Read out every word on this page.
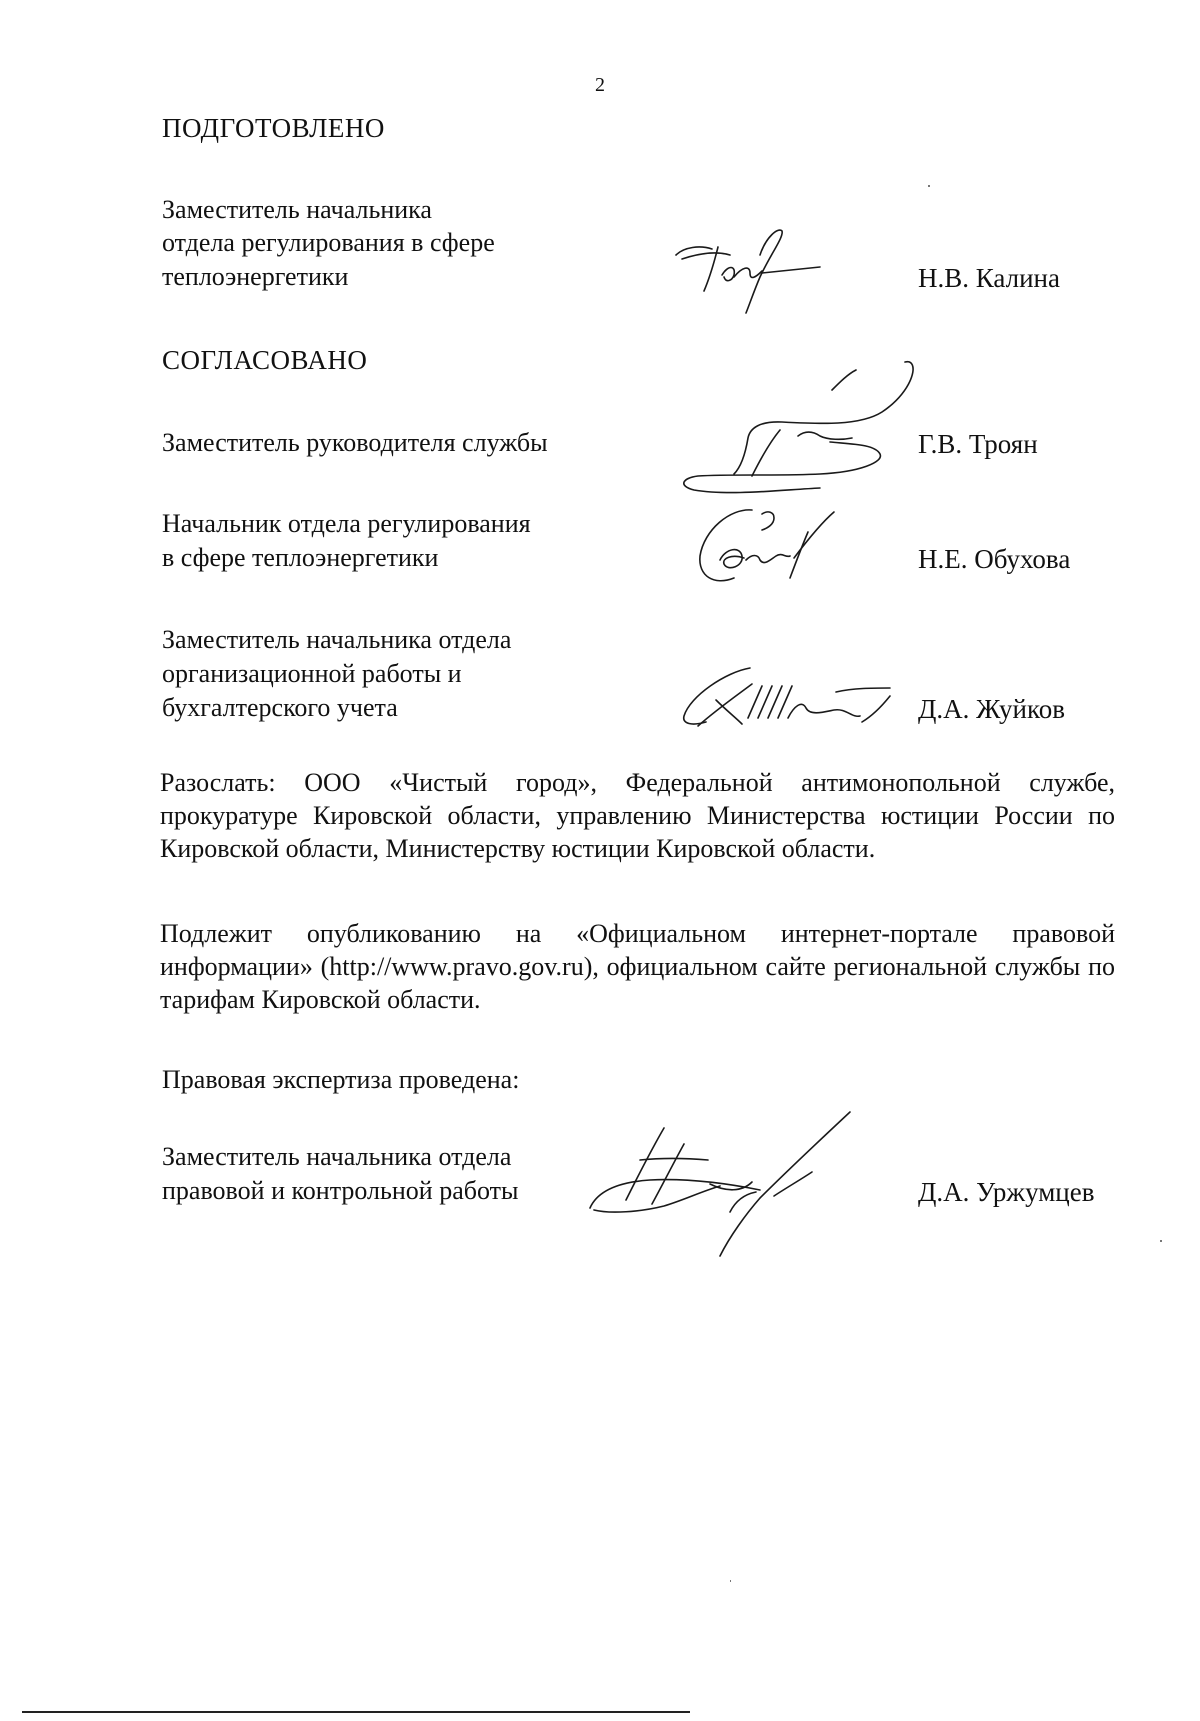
2
ПОДГОТОВЛЕНО
Заместитель начальника
отдела регулирования в сфере
теплоэнергетики	Н.В. Калина
СОГЛАСОВАНО
Заместитель руководителя службы	Г.В. Троян
Начальник отдела регулирования
в сфере теплоэнергетики	Н.Е. Обухова
Заместитель начальника отдела
организационной работы и
бухгалтерского учета	Д.А. Жуйков
Разослать: ООО «Чистый город», Федеральной антимонопольной службе, прокуратуре Кировской области, управлению Министерства юстиции России по Кировской области, Министерству юстиции Кировской области.
Подлежит опубликованию на «Официальном интернет-портале правовой информации» (http://www.pravo.gov.ru), официальном сайте региональной службы по тарифам Кировской области.
Правовая экспертиза проведена:
Заместитель начальника отдела
правовой и контрольной работы	Д.А. Уржумцев
